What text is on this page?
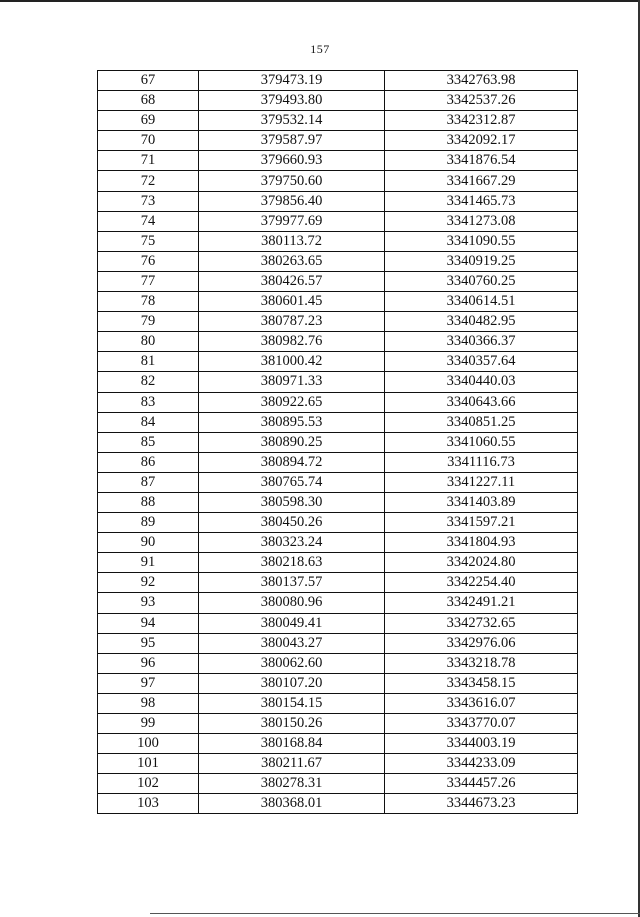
157
67	379473.19	3342763.98
68	379493.80	3342537.26
69	379532.14	3342312.87
70	379587.97	3342092.17
71	379660.93	3341876.54
72	379750.60	3341667.29
73	379856.40	3341465.73
74	379977.69	3341273.08
75	380113.72	3341090.55
76	380263.65	3340919.25
77	380426.57	3340760.25
78	380601.45	3340614.51
79	380787.23	3340482.95
80	380982.76	3340366.37
81	381000.42	3340357.64
82	380971.33	3340440.03
83	380922.65	3340643.66
84	380895.53	3340851.25
85	380890.25	3341060.55
86	380894.72	3341116.73
87	380765.74	3341227.11
88	380598.30	3341403.89
89	380450.26	3341597.21
90	380323.24	3341804.93
91	380218.63	3342024.80
92	380137.57	3342254.40
93	380080.96	3342491.21
94	380049.41	3342732.65
95	380043.27	3342976.06
96	380062.60	3343218.78
97	380107.20	3343458.15
98	380154.15	3343616.07
99	380150.26	3343770.07
100	380168.84	3344003.19
101	380211.67	3344233.09
102	380278.31	3344457.26
103	380368.01	3344673.23
